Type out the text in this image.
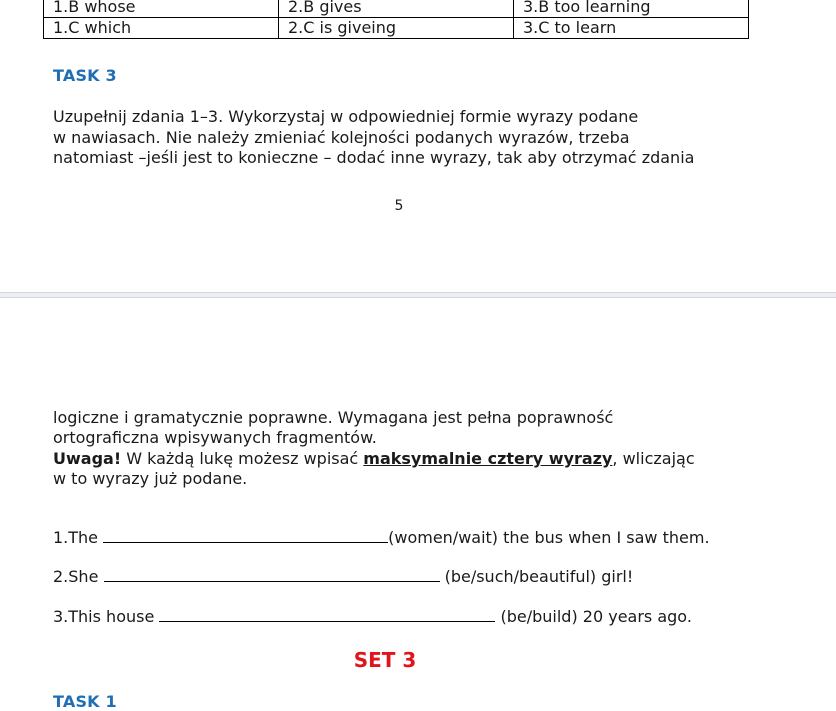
1.B whose	2.B gives	3.B too learning
1.C which	2.C is giveing	3.C to learn
TASK 3
Uzupełnij zdania 1–3. Wykorzystaj w odpowiedniej formie wyrazy podane
w nawiasach. Nie należy zmieniać kolejności podanych wyrazów, trzeba
natomiast –jeśli jest to konieczne – dodać inne wyrazy, tak aby otrzymać zdania
5
logiczne i gramatycznie poprawne. Wymagana jest pełna poprawność
ortograficzna wpisywanych fragmentów.
Uwaga! W każdą lukę możesz wpisać maksymalnie cztery wyrazy, wliczając
w to wyrazy już podane.
1.The	(women/wait) the bus when I saw them.
2.She	(be/such/beautiful) girl!
3.This house	(be/build) 20 years ago.
SET 3
TASK 1
